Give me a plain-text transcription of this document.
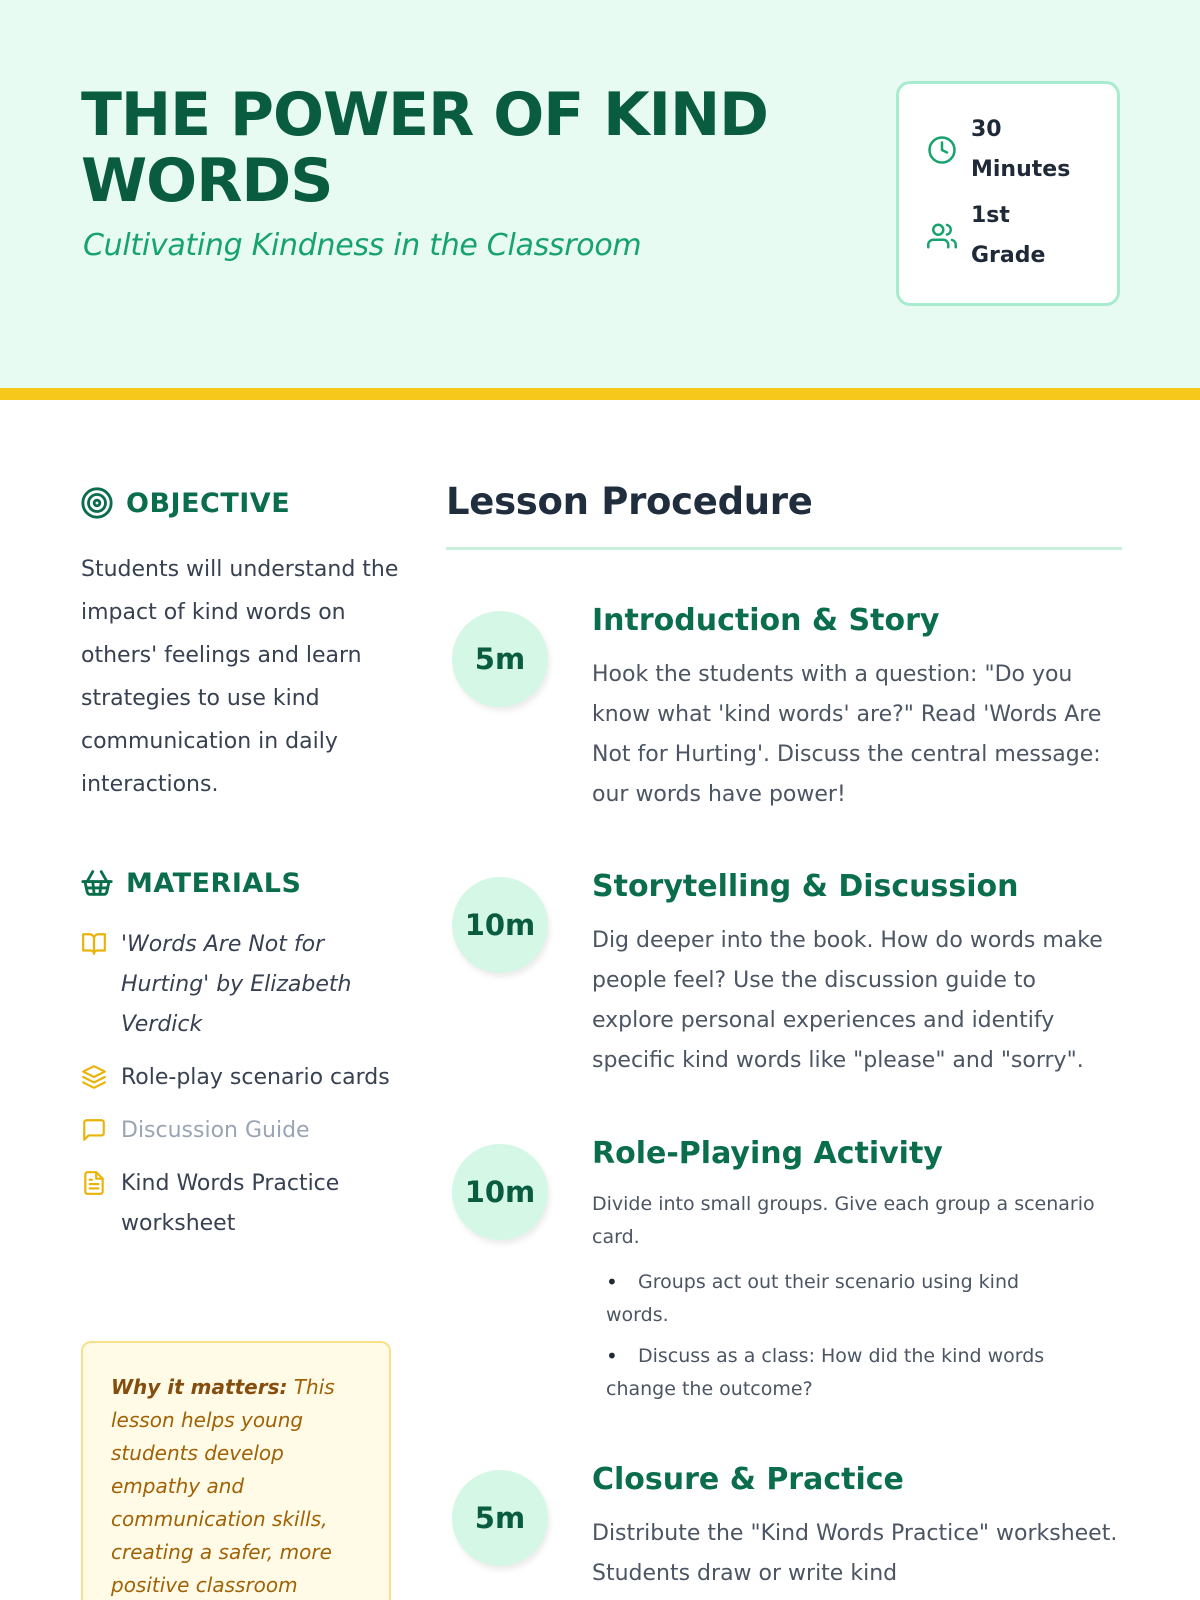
THE POWER OF KIND WORDS
Cultivating Kindness in the Classroom
30 Minutes
1st Grade
OBJECTIVE

Students will understand the impact of kind words on others' feelings and learn strategies to use kind communication in daily interactions.

MATERIALS
'Words Are Not for Hurting' by Elizabeth Verdick
Role-play scenario cards
Discussion Guide
Kind Words Practice worksheet
Why it matters: This lesson helps young students develop empathy and communication skills, creating a safer, more positive classroom
Lesson Procedure
5m
Introduction & Story

Hook the students with a question: "Do you know what 'kind words' are?" Read 'Words Are Not for Hurting'. Discuss the central message: our words have power!

10m
Storytelling & Discussion

Dig deeper into the book. How do words make people feel? Use the discussion guide to explore personal experiences and identify specific kind words like "please" and "sorry".

10m
Role-Playing Activity

Divide into small groups. Give each group a scenario card.

• Groups act out their scenario using kind words.
• Discuss as a class: How did the kind words change the outcome?
5m
Closure & Practice

Distribute the "Kind Words Practice" worksheet. Students draw or write kind
